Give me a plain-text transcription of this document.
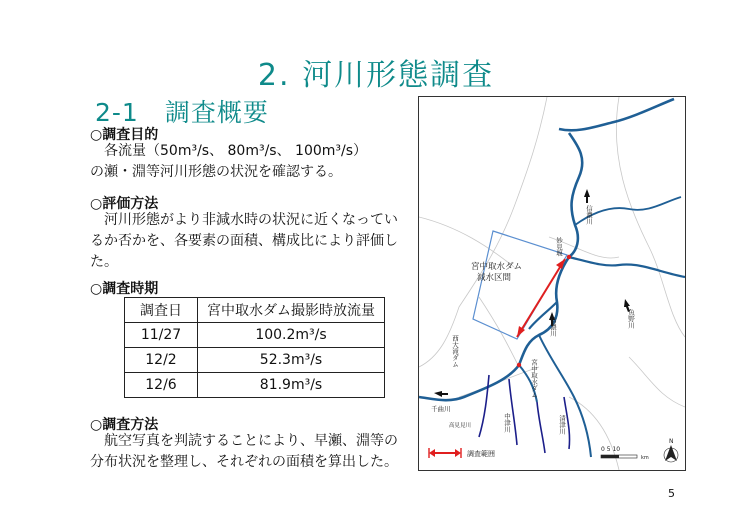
2. 河川形態調査
2-1　調査概要
○調査目的
各流量（50m³/s、 80m³/s、 100m³/s）
の瀬・淵等河川形態の状況を確認する。
○評価方法
河川形態がより非減水時の状況に近くなってい
るか否かを、各要素の面積、構成比により評価し
た。
○調査時期
調査日	宮中取水ダム撮影時放流量
11/27	100.2m³/s
12/2	52.3m³/s
12/6	81.9m³/s
○調査方法
航空写真を判読することにより、早瀬、淵等の
分布状況を整理し、それぞれの面積を算出した。
宮中取水ダム
減水区間
信濃川
妙見堰
魚野川
信濃川
西大滝ダム
宮中取水ダム
千曲川
中津川	清津川
高見見川
調査範囲
0 5 10
km
N
5
